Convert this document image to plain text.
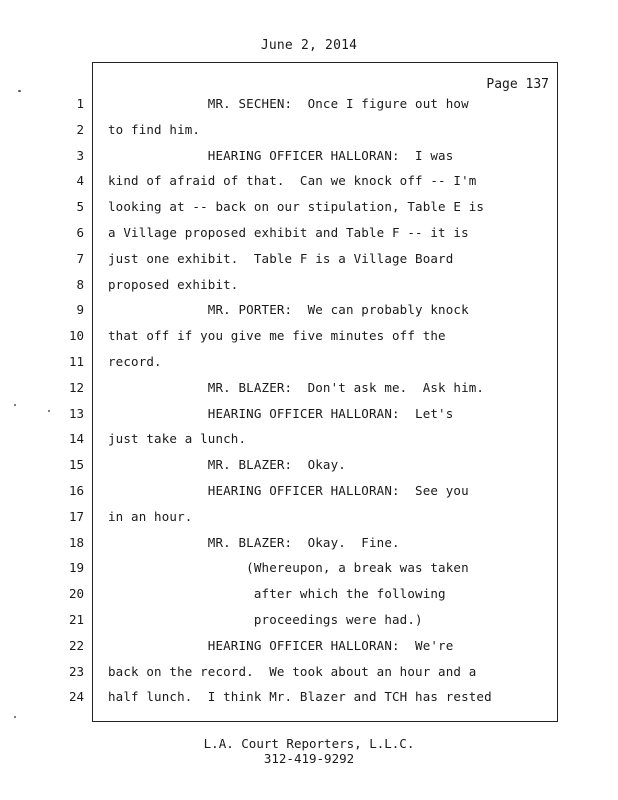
June 2, 2014
Page 137
1
2
3
4
5
6
7
8
9
10
11
12
13
14
15
16
17
18
19
20
21
22
23
24
MR. SECHEN:  Once I figure out how
to find him.
HEARING OFFICER HALLORAN:  I was
kind of afraid of that.  Can we knock off -- I'm
looking at -- back on our stipulation, Table E is
a Village proposed exhibit and Table F -- it is
just one exhibit.  Table F is a Village Board
proposed exhibit.
MR. PORTER:  We can probably knock
that off if you give me five minutes off the
record.
MR. BLAZER:  Don't ask me.  Ask him.
HEARING OFFICER HALLORAN:  Let's
just take a lunch.
MR. BLAZER:  Okay.
HEARING OFFICER HALLORAN:  See you
in an hour.
MR. BLAZER:  Okay.  Fine.
(Whereupon, a break was taken
after which the following
proceedings were had.)
HEARING OFFICER HALLORAN:  We're
back on the record.  We took about an hour and a
half lunch.  I think Mr. Blazer and TCH has rested
L.A. Court Reporters, L.L.C.
312-419-9292
